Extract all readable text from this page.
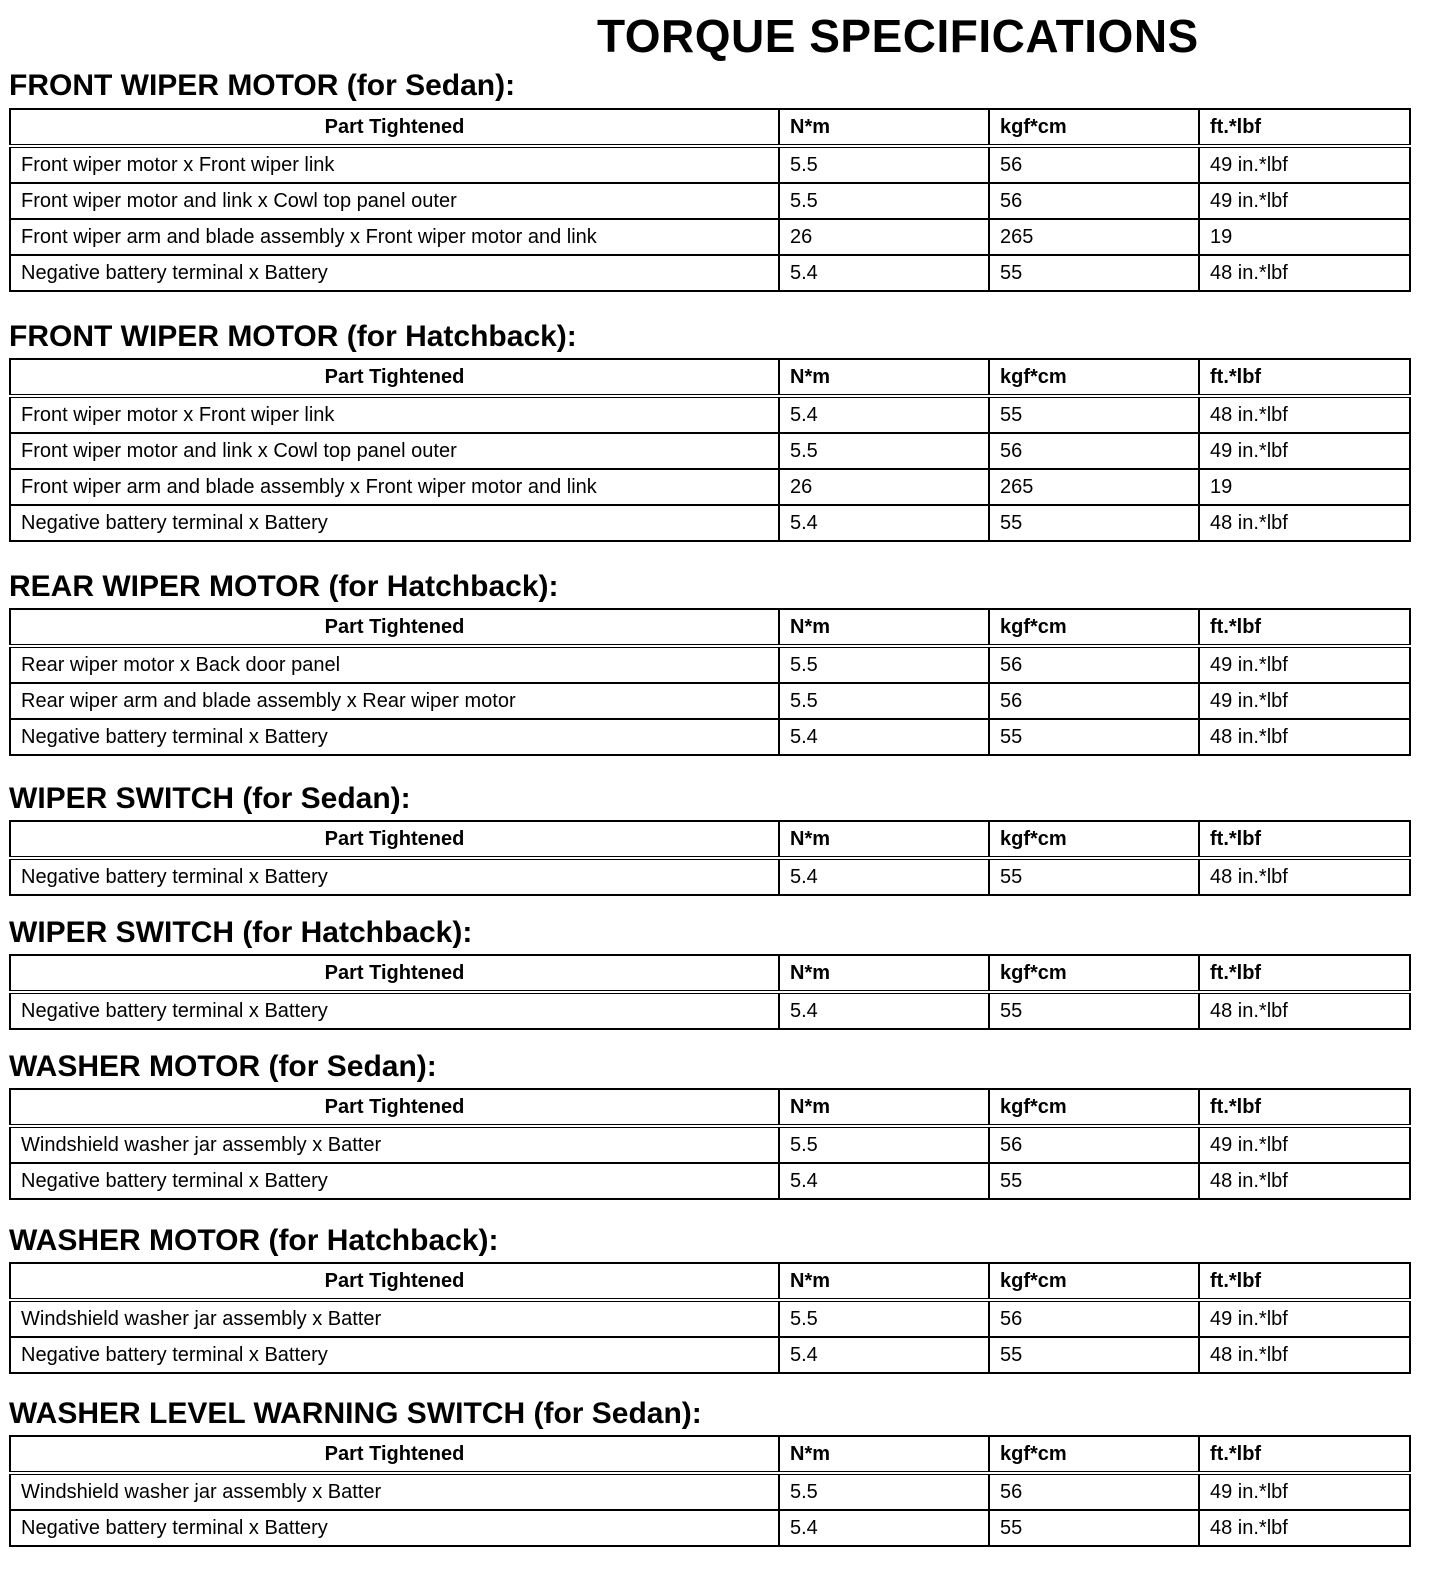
TORQUE SPECIFICATIONS
FRONT WIPER MOTOR (for Sedan):
Part Tightened	N*m	kgf*cm	ft.*lbf
Front wiper motor x Front wiper link	5.5	56	49 in.*lbf
Front wiper motor and link x Cowl top panel outer	5.5	56	49 in.*lbf
Front wiper arm and blade assembly x Front wiper motor and link	26	265	19
Negative battery terminal x Battery	5.4	55	48 in.*lbf
FRONT WIPER MOTOR (for Hatchback):
Part Tightened	N*m	kgf*cm	ft.*lbf
Front wiper motor x Front wiper link	5.4	55	48 in.*lbf
Front wiper motor and link x Cowl top panel outer	5.5	56	49 in.*lbf
Front wiper arm and blade assembly x Front wiper motor and link	26	265	19
Negative battery terminal x Battery	5.4	55	48 in.*lbf
REAR WIPER MOTOR (for Hatchback):
Part Tightened	N*m	kgf*cm	ft.*lbf
Rear wiper motor x Back door panel	5.5	56	49 in.*lbf
Rear wiper arm and blade assembly x Rear wiper motor	5.5	56	49 in.*lbf
Negative battery terminal x Battery	5.4	55	48 in.*lbf
WIPER SWITCH (for Sedan):
Part Tightened	N*m	kgf*cm	ft.*lbf
Negative battery terminal x Battery	5.4	55	48 in.*lbf
WIPER SWITCH (for Hatchback):
Part Tightened	N*m	kgf*cm	ft.*lbf
Negative battery terminal x Battery	5.4	55	48 in.*lbf
WASHER MOTOR (for Sedan):
Part Tightened	N*m	kgf*cm	ft.*lbf
Windshield washer jar assembly x Batter	5.5	56	49 in.*lbf
Negative battery terminal x Battery	5.4	55	48 in.*lbf
WASHER MOTOR (for Hatchback):
Part Tightened	N*m	kgf*cm	ft.*lbf
Windshield washer jar assembly x Batter	5.5	56	49 in.*lbf
Negative battery terminal x Battery	5.4	55	48 in.*lbf
WASHER LEVEL WARNING SWITCH (for Sedan):
Part Tightened	N*m	kgf*cm	ft.*lbf
Windshield washer jar assembly x Batter	5.5	56	49 in.*lbf
Negative battery terminal x Battery	5.4	55	48 in.*lbf
